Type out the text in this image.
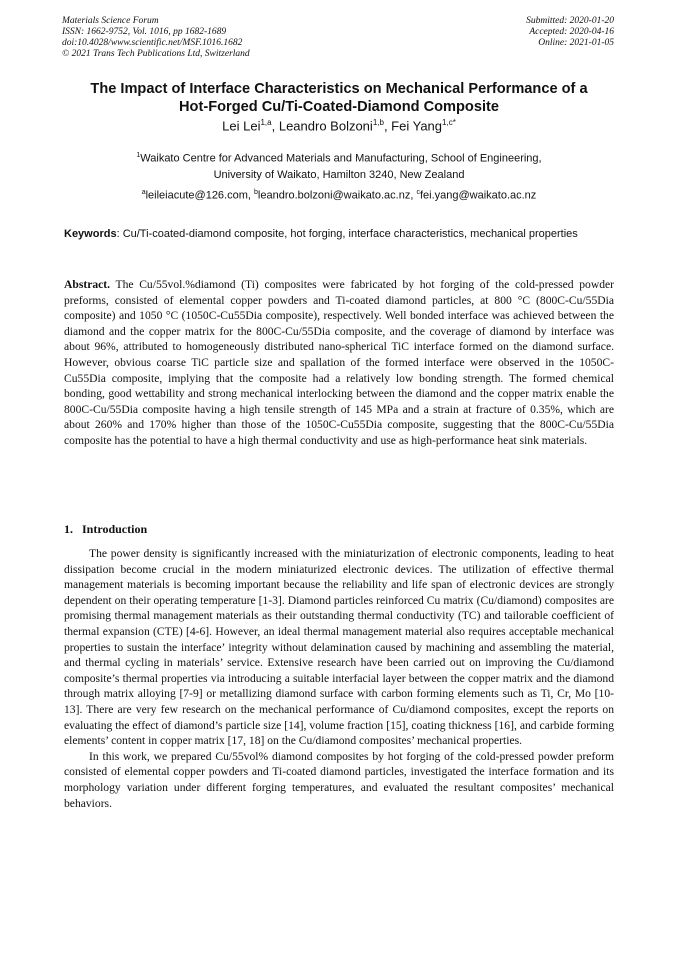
Materials Science Forum
ISSN: 1662-9752, Vol. 1016, pp 1682-1689
doi:10.4028/www.scientific.net/MSF.1016.1682
© 2021 Trans Tech Publications Ltd, Switzerland
Submitted: 2020-01-20
Accepted: 2020-04-16
Online: 2021-01-05
The Impact of Interface Characteristics on Mechanical Performance of a
Hot-Forged Cu/Ti-Coated-Diamond Composite
Lei Lei$^{1,a}$, Leandro Bolzoni$^{1,b}$, Fei Yang$^{1,c*}$
$^1$Waikato Centre for Advanced Materials and Manufacturing, School of Engineering,
University of Waikato, Hamilton 3240, New Zealand
$^a$leileiacute@126.com, $^b$leandro.bolzoni@waikato.ac.nz, $^c$fei.yang@waikato.ac.nz
Keywords: Cu/Ti-coated-diamond composite, hot forging, interface characteristics, mechanical properties
Abstract. The Cu/55vol.%diamond (Ti) composites were fabricated by hot forging of the cold-pressed powder preforms, consisted of elemental copper powders and Ti-coated diamond particles, at 800 °C (800C-Cu/55Dia composite) and 1050 °C (1050C-Cu55Dia composite), respectively. Well bonded interface was achieved between the diamond and the copper matrix for the 800C-Cu/55Dia composite, and the coverage of diamond by interface was about 96%, attributed to homogeneously distributed nano-spherical TiC interface formed on the diamond surface. However, obvious coarse TiC particle size and spallation of the formed interface were observed in the 1050C-Cu55Dia composite, implying that the composite had a relatively low bonding strength. The formed chemical bonding, good wettability and strong mechanical interlocking between the diamond and the copper matrix enable the 800C-Cu/55Dia composite having a high tensile strength of 145 MPa and a strain at fracture of 0.35%, which are about 260% and 170% higher than those of the 1050C-Cu55Dia composite, suggesting that the 800C-Cu/55Dia composite has the potential to have a high thermal conductivity and use as high-performance heat sink materials.
1. Introduction

The power density is significantly increased with the miniaturization of electronic components, leading to heat dissipation become crucial in the modern miniaturized electronic devices. The utilization of effective thermal management materials is becoming important because the reliability and life span of electronic devices are strongly dependent on their operating temperature [1-3]. Diamond particles reinforced Cu matrix (Cu/diamond) composites are promising thermal management materials as their outstanding thermal conductivity (TC) and tailorable coefficient of thermal expansion (CTE) [4-6]. However, an ideal thermal management material also requires acceptable mechanical properties to sustain the interface’ integrity without delamination caused by machining and assembling the material, and thermal cycling in materials’ service. Extensive research have been carried out on improving the Cu/diamond composite’s thermal properties via introducing a suitable interfacial layer between the copper matrix and the diamond through matrix alloying [7-9] or metallizing diamond surface with carbon forming elements such as Ti, Cr, Mo [10-13]. There are very few research on the mechanical performance of Cu/diamond composites, except the reports on evaluating the effect of diamond’s particle size [14], volume fraction [15], coating thickness [16], and carbide forming elements’ content in copper matrix [17, 18] on the Cu/diamond composites’ mechanical properties.

In this work, we prepared Cu/55vol% diamond composites by hot forging of the cold-pressed powder preform consisted of elemental copper powders and Ti-coated diamond particles, investigated the interface formation and its morphology variation under different forging temperatures, and evaluated the resultant composites’ mechanical behaviors.
